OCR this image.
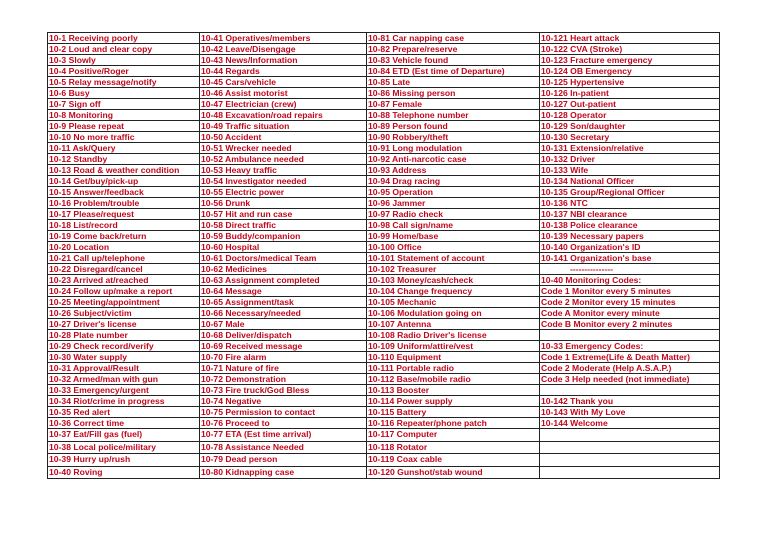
10-1 Receiving poorly	10-41 Operatives/members	10-81 Car napping case	10-121 Heart attack
10-2 Loud and clear copy	10-42 Leave/Disengage	10-82 Prepare/reserve	10-122 CVA (Stroke)
10-3 Slowly	10-43 News/Information	10-83 Vehicle found	10-123 Fracture emergency
10-4 Positive/Roger	10-44 Regards	10-84 ETD (Est time of Departure)	10-124 OB Emergency
10-5 Relay message/notify	10-45 Cars/vehicle	10-85 Late	10-125 Hypertensive
10-6 Busy	10-46 Assist motorist	10-86 Missing person	10-126 In-patient
10-7 Sign off	10-47 Electrician (crew)	10-87 Female	10-127 Out-patient
10-8 Monitoring	10-48 Excavation/road repairs	10-88 Telephone number	10-128 Operator
10-9 Please repeat	10-49 Traffic situation	10-89 Person found	10-129 Son/daughter
10-10 No more traffic	10-50 Accident	10-90 Robbery/theft	10-130 Secretary
10-11 Ask/Query	10-51 Wrecker needed	10-91 Long modulation	10-131 Extension/relative
10-12 Standby	10-52 Ambulance needed	10-92 Anti-narcotic case	10-132 Driver
10-13 Road & weather condition	10-53 Heavy traffic	10-93 Address	10-133 Wife
10-14 Get/buy/pick-up	10-54 Investigator needed	10-94 Drag racing	10-134 National Officer
10-15 Answer/feedback	10-55 Electric power	10-95 Operation	10-135 Group/Regional Officer
10-16 Problem/trouble	10-56 Drunk	10-96 Jammer	10-136 NTC
10-17 Please/request	10-57 Hit and run case	10-97 Radio check	10-137 NBI clearance
10-18 List/record	10-58 Direct traffic	10-98 Call sign/name	10-138 Police clearance
10-19 Come back/return	10-59 Buddy/companion	10-99 Home/base	10-139 Necessary papers
10-20 Location	10-60 Hospital	10-100 Office	10-140 Organization's ID
10-21 Call up/telephone	10-61 Doctors/medical Team	10-101 Statement of account	10-141 Organization's base
10-22 Disregard/cancel	10-62 Medicines	10-102 Treasurer	---------------
10-23 Arrived at/reached	10-63 Assignment completed	10-103 Money/cash/check	10-40 Monitoring Codes:
10-24 Follow up/make a report	10-64 Message	10-104 Change frequency	Code 1 Monitor every 5 minutes
10-25 Meeting/appointment	10-65 Assignment/task	10-105 Mechanic	Code 2 Monitor every 15 minutes
10-26 Subject/victim	10-66 Necessary/needed	10-106 Modulation going on	Code A Monitor every minute
10-27 Driver's license	10-67 Male	10-107 Antenna	Code B Monitor every 2 minutes
10-28 Plate number	10-68 Deliver/dispatch	10-108 Radio Driver's license	
10-29 Check record/verify	10-69 Received message	10-109 Uniform/attire/vest	10-33 Emergency Codes:
10-30 Water supply	10-70 Fire alarm	10-110 Equipment	Code 1 Extreme(Life & Death Matter)
10-31 Approval/Result	10-71 Nature of fire	10-111 Portable radio	Code 2 Moderate (Help A.S.A.P.)
10-32 Armed/man with gun	10-72 Demonstration	10-112 Base/mobile radio	Code 3 Help needed (not immediate)
10-33 Emergency/urgent	10-73 Fire truck/God Bless	10-113 Booster	
10-34 Riot/crime in progress	10-74 Negative	10-114 Power supply	10-142 Thank you
10-35 Red alert	10-75 Permission to contact	10-115 Battery	10-143 With My Love
10-36 Correct time	10-76 Proceed to	10-116 Repeater/phone patch	10-144 Welcome
10-37 Eat/Fill gas (fuel)	10-77 ETA (Est time arrival)	10-117 Computer	
10-38 Local police/military	10-78 Assistance Needed	10-118 Rotator	
10-39 Hurry up/rush	10-79 Dead person	10-119 Coax cable	
10-40 Roving	10-80 Kidnapping case	10-120 Gunshot/stab wound	
